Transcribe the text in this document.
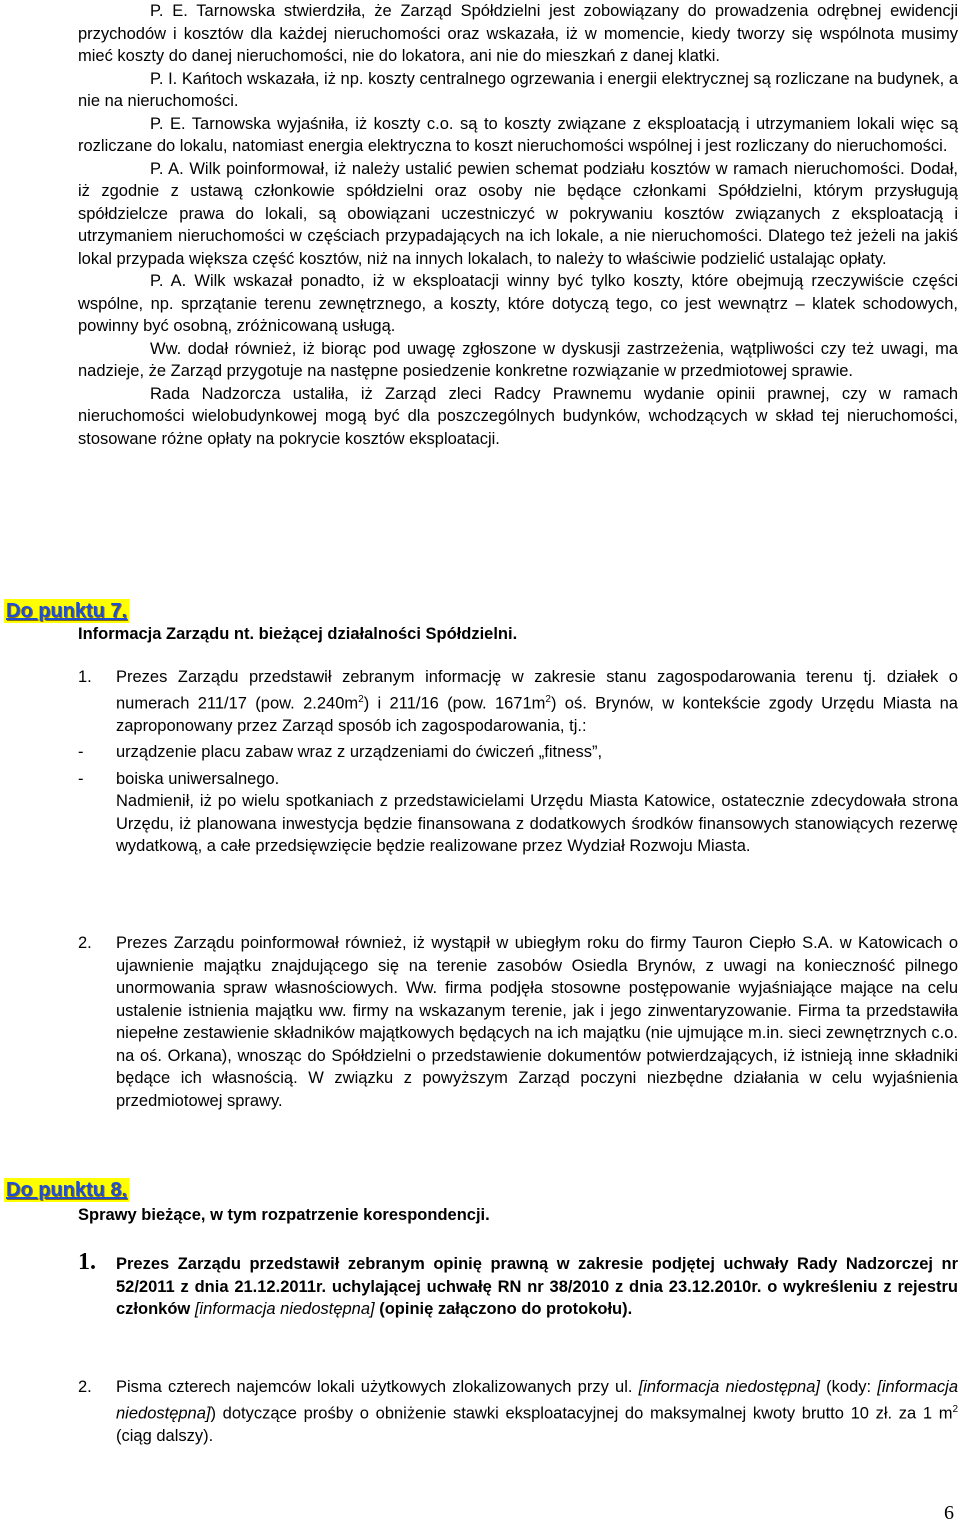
P. E. Tarnowska stwierdziła, że Zarząd Spółdzielni jest zobowiązany do prowadzenia odrębnej ewidencji przychodów i kosztów dla każdej nieruchomości oraz wskazała, iż w momencie, kiedy tworzy się wspólnota musimy mieć koszty do danej nieruchomości, nie do lokatora, ani nie do mieszkań z danej klatki.

P. I. Kańtoch wskazała, iż np. koszty centralnego ogrzewania i energii elektrycznej są rozliczane na budynek, a nie na nieruchomości.

P. E. Tarnowska wyjaśniła, iż koszty c.o. są to koszty związane z eksploatacją i utrzymaniem lokali więc są rozliczane do lokalu, natomiast energia elektryczna to koszt nieruchomości wspólnej i jest rozliczany do nieruchomości.

P. A. Wilk poinformował, iż należy ustalić pewien schemat podziału kosztów w ramach nieruchomości. Dodał, iż zgodnie z ustawą członkowie spółdzielni oraz osoby nie będące członkami Spółdzielni, którym przysługują spółdzielcze prawa do lokali, są obowiązani uczestniczyć w pokrywaniu kosztów związanych z eksploatacją i utrzymaniem nieruchomości w częściach przypadających na ich lokale, a nie nieruchomości. Dlatego też jeżeli na jakiś lokal przypada większa część kosztów, niż na innych lokalach, to należy to właściwie podzielić ustalając opłaty.

P. A. Wilk wskazał ponadto, iż w eksploatacji winny być tylko koszty, które obejmują rzeczywiście części wspólne, np. sprzątanie terenu zewnętrznego, a koszty, które dotyczą tego, co jest wewnątrz – klatek schodowych, powinny być osobną, zróżnicowaną usługą.

Ww. dodał również, iż biorąc pod uwagę zgłoszone w dyskusji zastrzeżenia, wątpliwości czy też uwagi, ma nadzieje, że Zarząd przygotuje na następne posiedzenie konkretne rozwiązanie w przedmiotowej sprawie.

Rada Nadzorcza ustaliła, iż Zarząd zleci Radcy Prawnemu wydanie opinii prawnej, czy w ramach nieruchomości wielobudynkowej mogą być dla poszczególnych budynków, wchodzących w skład tej nieruchomości, stosowane różne opłaty na pokrycie kosztów eksploatacji.

Do punktu 7.
Informacja Zarządu nt. bieżącej działalności Spółdzielni.
1. Prezes Zarządu przedstawił zebranym informację w zakresie stanu zagospodarowania terenu tj. działek o numerach 211/17 (pow. $2.240m^2$) i 211/16 (pow. $1671m^2$) oś. Brynów, w kontekście zgody Urzędu Miasta na zaproponowany przez Zarząd sposób ich zagospodarowania, tj.:
- urządzenie placu zabaw wraz z urządzeniami do ćwiczeń „fitness”,
- boiska uniwersalnego.
Nadmienił, iż po wielu spotkaniach z przedstawicielami Urzędu Miasta Katowice, ostatecznie zdecydowała strona Urzędu, iż planowana inwestycja będzie finansowana z dodatkowych środków finansowych stanowiących rezerwę wydatkową, a całe przedsięwzięcie będzie realizowane przez Wydział Rozwoju Miasta.
2. Prezes Zarządu poinformował również, iż wystąpił w ubiegłym roku do firmy Tauron Ciepło S.A. w Katowicach o ujawnienie majątku znajdującego się na terenie zasobów Osiedla Brynów, z uwagi na konieczność pilnego unormowania spraw własnościowych. Ww. firma podjęła stosowne postępowanie wyjaśniające mające na celu ustalenie istnienia majątku ww. firmy na wskazanym terenie, jak i jego zinwentaryzowanie. Firma ta przedstawiła niepełne zestawienie składników majątkowych będących na ich majątku (nie ujmujące m.in. sieci zewnętrznych c.o. na oś. Orkana), wnosząc do Spółdzielni o przedstawienie dokumentów potwierdzających, iż istnieją inne składniki będące ich własnością. W związku z powyższym Zarząd poczyni niezbędne działania w celu wyjaśnienia przedmiotowej sprawy.
Do punktu 8.
Sprawy bieżące, w tym rozpatrzenie korespondencji.
1. Prezes Zarządu przedstawił zebranym opinię prawną w zakresie podjętej uchwały Rady Nadzorczej nr 52/2011 z dnia 21.12.2011r. uchylającej uchwałę RN nr 38/2010 z dnia 23.12.2010r. o wykreśleniu z rejestru członków [informacja niedostępna] (opinię załączono do protokołu).
2. Pisma czterech najemców lokali użytkowych zlokalizowanych przy ul. [informacja niedostępna] (kody: [informacja niedostępna]) dotyczące prośby o obniżenie stawki eksploatacyjnej do maksymalnej kwoty brutto 10 zł. za 1 $m^2$ (ciąg dalszy).
6
